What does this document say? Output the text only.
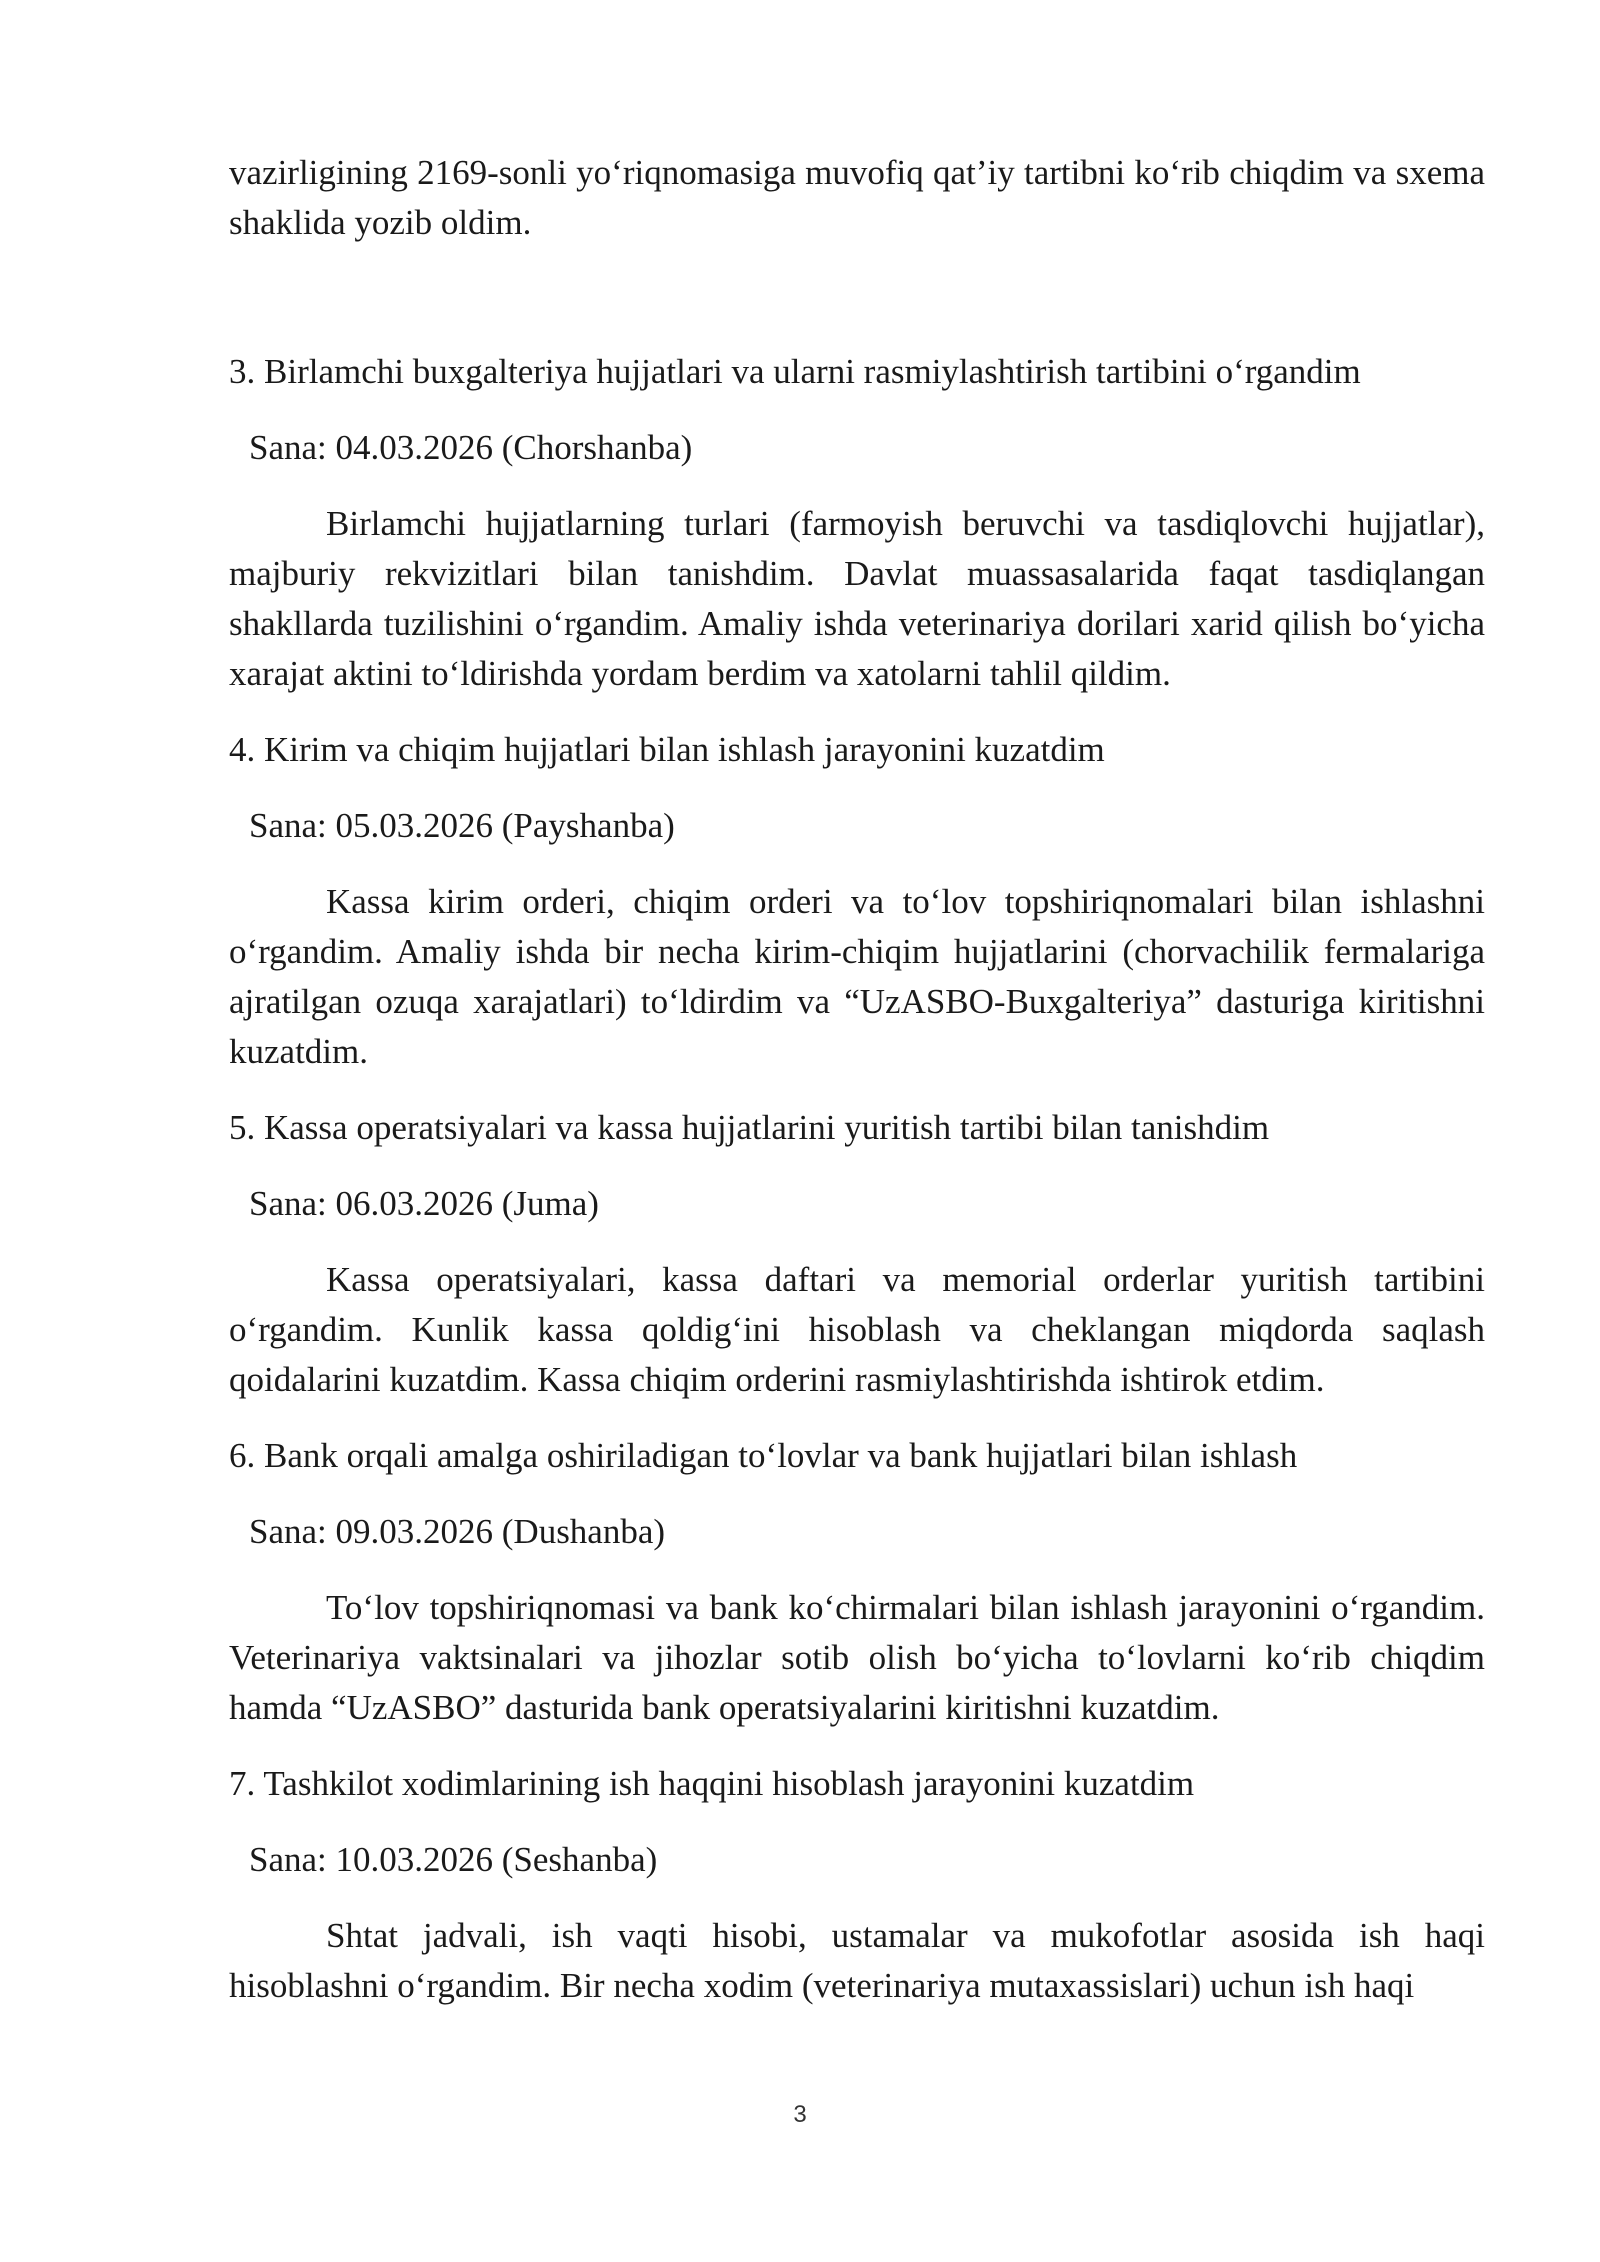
vazirligining 2169-sonli yo‘riqnomasiga muvofiq qat’iy tartibni ko‘rib chiqdim va sxema shaklida yozib oldim.

3. Birlamchi buxgalteriya hujjatlari va ularni rasmiylashtirish tartibini o‘rgandim

Sana: 04.03.2026 (Chorshanba)

Birlamchi hujjatlarning turlari (farmoyish beruvchi va tasdiqlovchi hujjatlar), majburiy rekvizitlari bilan tanishdim. Davlat muassasalarida faqat tasdiqlangan shakllarda tuzilishini o‘rgandim. Amaliy ishda veterinariya dorilari xarid qilish bo‘yicha xarajat aktini to‘ldirishda yordam berdim va xatolarni tahlil qildim.

4. Kirim va chiqim hujjatlari bilan ishlash jarayonini kuzatdim

Sana: 05.03.2026 (Payshanba)

Kassa kirim orderi, chiqim orderi va to‘lov topshiriqnomalari bilan ishlashni o‘rgandim. Amaliy ishda bir necha kirim-chiqim hujjatlarini (chorvachilik fermalariga ajratilgan ozuqa xarajatlari) to‘ldirdim va “UzASBO-Buxgalteriya” dasturiga kiritishni kuzatdim.

5. Kassa operatsiyalari va kassa hujjatlarini yuritish tartibi bilan tanishdim

Sana: 06.03.2026 (Juma)

Kassa operatsiyalari, kassa daftari va memorial orderlar yuritish tartibini o‘rgandim. Kunlik kassa qoldig‘ini hisoblash va cheklangan miqdorda saqlash qoidalarini kuzatdim. Kassa chiqim orderini rasmiylashtirishda ishtirok etdim.

6. Bank orqali amalga oshiriladigan to‘lovlar va bank hujjatlari bilan ishlash

Sana: 09.03.2026 (Dushanba)

To‘lov topshiriqnomasi va bank ko‘chirmalari bilan ishlash jarayonini o‘rgandim. Veterinariya vaktsinalari va jihozlar sotib olish bo‘yicha to‘lovlarni ko‘rib chiqdim hamda “UzASBO” dasturida bank operatsiyalarini kiritishni kuzatdim.

7. Tashkilot xodimlarining ish haqqini hisoblash jarayonini kuzatdim

Sana: 10.03.2026 (Seshanba)

Shtat jadvali, ish vaqti hisobi, ustamalar va mukofotlar asosida ish haqi hisoblashni o‘rgandim. Bir necha xodim (veterinariya mutaxassislari) uchun ish haqi

3
